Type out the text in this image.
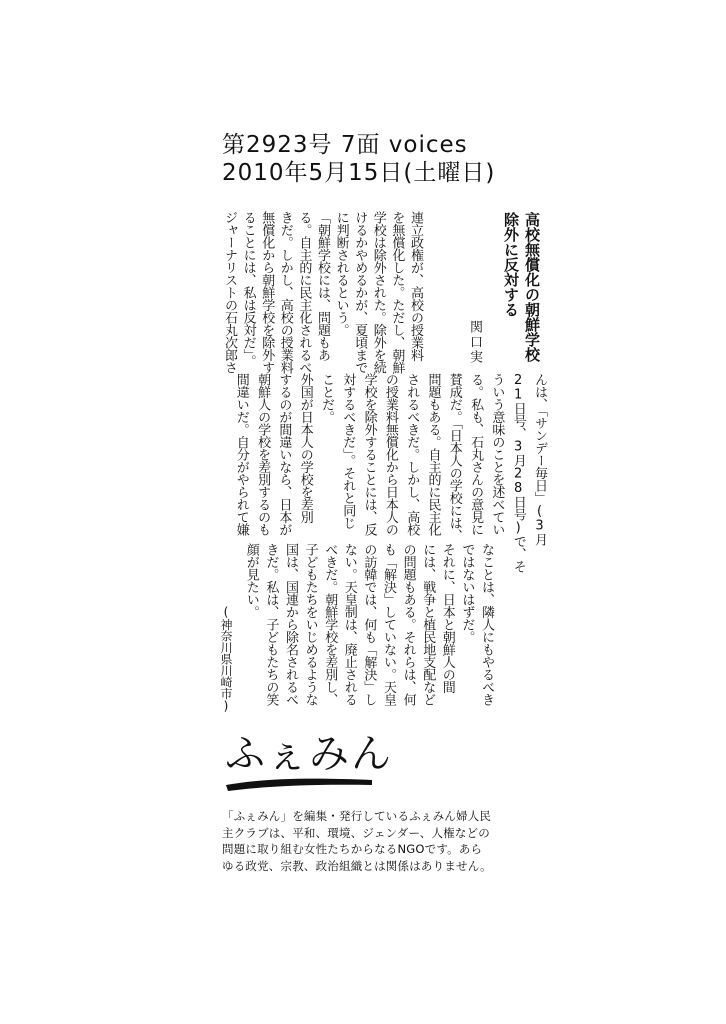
第2923号 7面 voices
2010年5月15日(土曜日)
高校無償化の朝鮮学校
除外に反対する
関口実
連立政権が、高校の授業料
を無償化した。ただし、朝鮮
学校は除外された。除外を続
けるかやめるかが、夏頃まで
に判断されるという。
「朝鮮学校には、問題もあ
る。自主的に民主化されるべ
きだ。しかし、高校の授業料
無償化から朝鮮学校を除外す
ることには、私は反対だ」。
ジャーナリストの石丸次郎さ
んは、「サンデー毎日」(3月
21日号、3月28日号)で、そ
ういう意味のことを述べてい
る。私も、石丸さんの意見に
賛成だ。「日本人の学校には、
問題もある。自主的に民主化
されるべきだ。しかし、高校
の授業料無償化から日本人の
学校を除外することには、反
対するべきだ」。それと同じ
ことだ。
外国が日本人の学校を差別
するのが間違いなら、日本が
朝鮮人の学校を差別するのも
間違いだ。自分がやられて嫌
なことは、隣人にもやるべき
ではないはずだ。
それに、日本と朝鮮人の間
には、戦争と植民地支配など
の問題もある。それらは、何
も「解決」していない。天皇
の訪韓では、何も「解決」し
ない。天皇制は、廃止される
べきだ。朝鮮学校を差別し、
子どもたちをいじめるような
国は、国連から除名されるべ
きだ。私は、子どもたちの笑
顔が見たい。
(神奈川県川崎市)
ふぇみん
「ふぇみん」を編集・発行しているふぇみん婦人民
主クラブは、平和、環境、ジェンダー、人権などの
問題に取り組む女性たちからなるNGOです。あら
ゆる政党、宗教、政治組織とは関係はありません。
